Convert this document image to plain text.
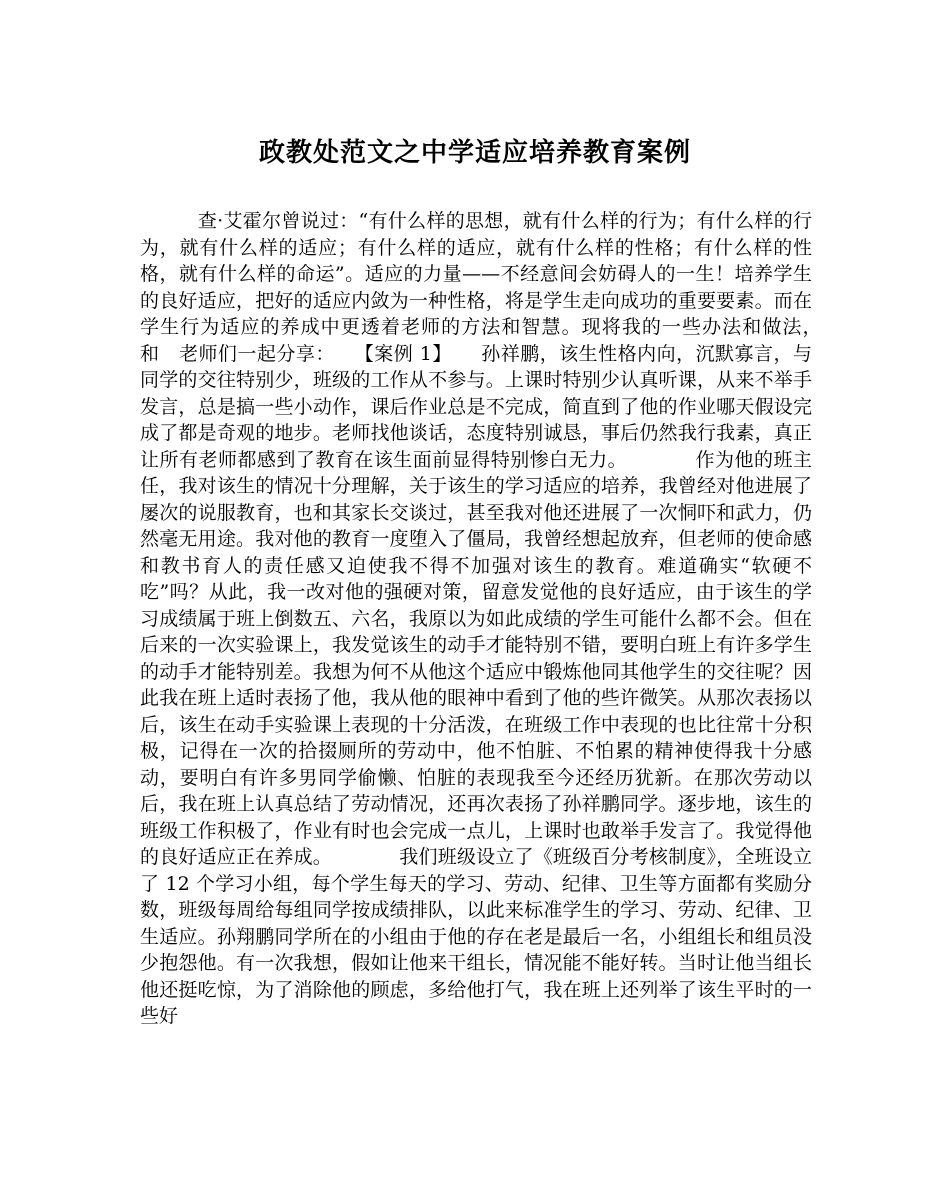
政教处范文之中学适应培养教育案例

　　　查·艾霍尔曾说过：“有什么样的思想，就有什么样的行为；有什么样的行为，就有什么样的适应；有什么样的适应，就有什么样的性格；有什么样的性格，就有什么样的命运”。适应的力量——不经意间会妨碍人的一生！培养学生的良好适应，把好的适应内敛为一种性格，将是学生走向成功的重要要素。而在学生行为适应的养成中更透着老师的方法和智慧。现将我的一些办法和做法，　和　老师们一起分享：　　【案例 1】　　孙祥鹏，该生性格内向，沉默寡言，与同学的交往特别少，班级的工作从不参与。上课时特别少认真听课，从来不举手发言，总是搞一些小动作，课后作业总是不完成，简直到了他的作业哪天假设完成了都是奇观的地步。老师找他谈话，态度特别诚恳，事后仍然我行我素，真正让所有老师都感到了教育在该生面前显得特别惨白无力。　　　　作为他的班主任，我对该生的情况十分理解，关于该生的学习适应的培养，我曾经对他进展了屡次的说服教育，也和其家长交谈过，甚至我对他还进展了一次恫吓和武力，仍然毫无用途。我对他的教育一度堕入了僵局，我曾经想起放弃，但老师的使命感和教书育人的责任感又迫使我不得不加强对该生的教育。难道确实“软硬不吃”吗？从此，我一改对他的强硬对策，留意发觉他的良好适应，由于该生的学习成绩属于班上倒数五、六名，我原以为如此成绩的学生可能什么都不会。但在后来的一次实验课上，我发觉该生的动手才能特别不错，要明白班上有许多学生的动手才能特别差。我想为何不从他这个适应中锻炼他同其他学生的交往呢？因此我在班上适时表扬了他，我从他的眼神中看到了他的些许微笑。从那次表扬以后，该生在动手实验课上表现的十分活泼，在班级工作中表现的也比往常十分积极，记得在一次的拾掇厕所的劳动中，他不怕脏、不怕累的精神使得我十分感动，要明白有许多男同学偷懒、怕脏的表现我至今还经历犹新。在那次劳动以后，我在班上认真总结了劳动情况，还再次表扬了孙祥鹏同学。逐步地，该生的班级工作积极了，作业有时也会完成一点儿，上课时也敢举手发言了。我觉得他的良好适应正在养成。　　　　我们班级设立了《班级百分考核制度》，全班设立了 12 个学习小组，每个学生每天的学习、劳动、纪律、卫生等方面都有奖励分数，班级每周给每组同学按成绩排队，以此来标准学生的学习、劳动、纪律、卫生适应。孙翔鹏同学所在的小组由于他的存在老是最后一名，小组组长和组员没少抱怨他。有一次我想，假如让他来干组长，情况能不能好转。当时让他当组长他还挺吃惊，为了消除他的顾虑，多给他打气，我在班上还列举了该生平时的一些好
